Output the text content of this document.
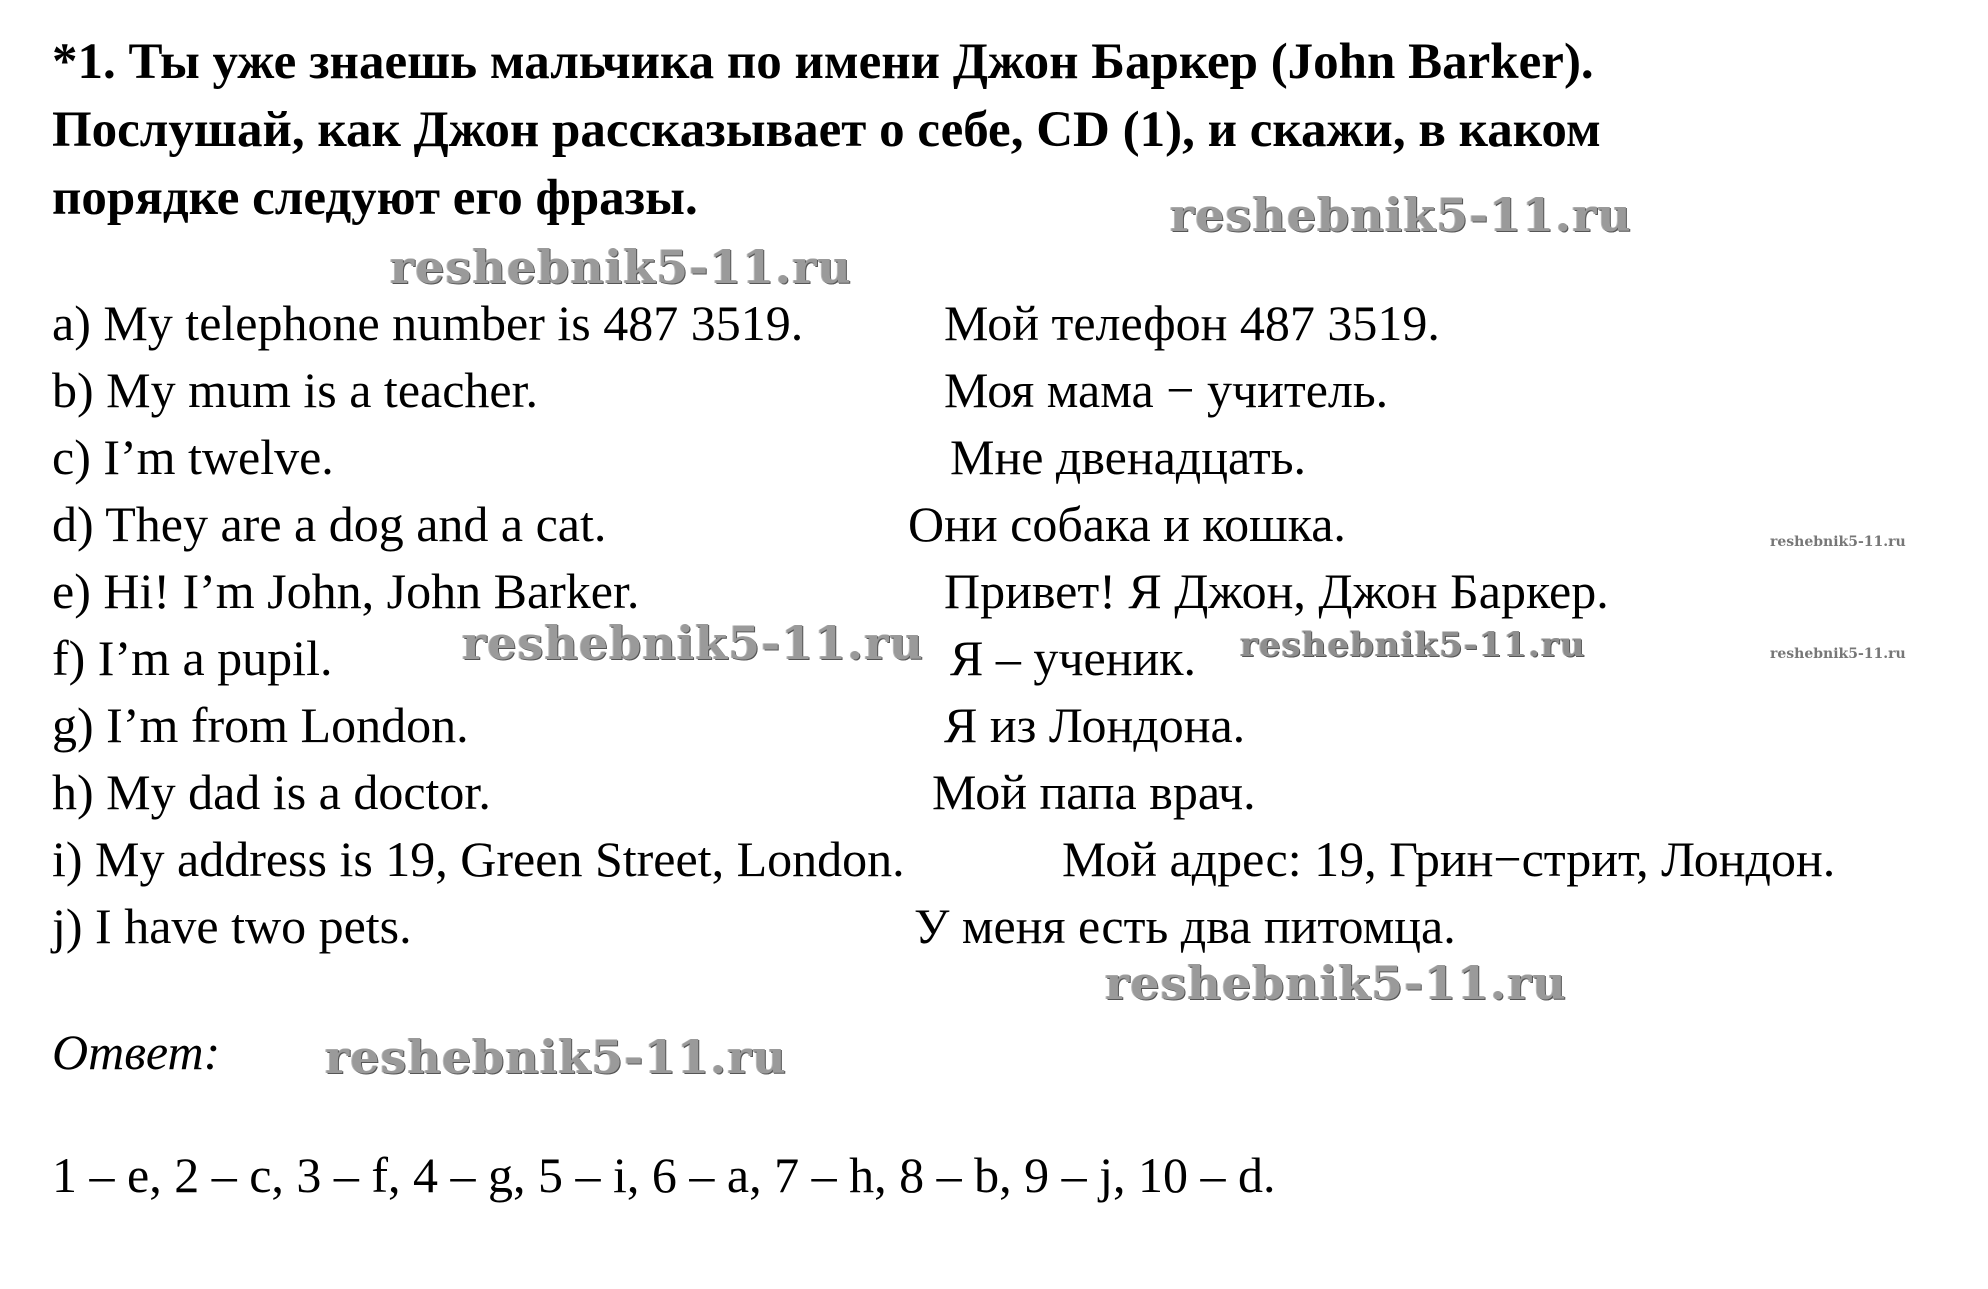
*1. Ты уже знаешь мальчика по имени Джон Баркер (John Barker).
Послушай, как Джон рассказывает о себе, CD (1), и скажи, в каком
порядке следуют его фразы.
a) My telephone number is 487 3519.	Мой телефон 487 3519.
b) My mum is a teacher.	Моя мама − учитель.
c) I’m twelve.	Мне двенадцать.
d) They are a dog and a cat.	Они собака и кошка.
e) Hi! I’m John, John Barker.	Привет! Я Джон, Джон Баркер.
f) I’m a pupil.	Я – ученик.
g) I’m from London.	Я из Лондона.
h) My dad is a doctor.	Мой папа врач.
i) My address is 19, Green Street, London.	Мой адрес: 19, Грин−стрит, Лондон.
j) I have two pets.	У меня есть два питомца.
Ответ:
1 – e, 2 – c, 3 – f, 4 – g, 5 – i, 6 – a, 7 – h, 8 – b, 9 – j, 10 – d.
reshebnik5-11.ru
reshebnik5-11.ru
reshebnik5-11.ru	reshebnik5-11.ru
reshebnik5-11.ru
reshebnik5-11.ru
reshebnik5-11.ru
reshebnik5-11.ru
